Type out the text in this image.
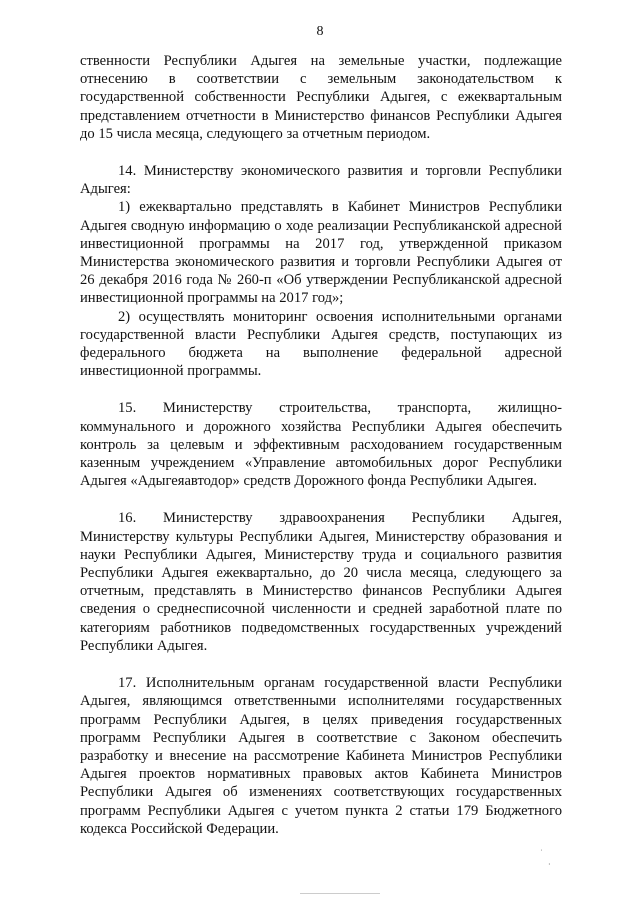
8

ственности Республики Адыгея на земельные участки, подлежащие отнесению в соответствии с земельным законодательством к государственной собственности Республики Адыгея, с ежеквартальным представлением отчетности в Министерство финансов Республики Адыгея до 15 числа месяца, следующего за отчетным периодом.

14. Министерству экономического развития и торговли Республики Адыгея:

1) ежеквартально представлять в Кабинет Министров Республики Адыгея сводную информацию о ходе реализации Республиканской адресной инвестиционной программы на 2017 год, утвержденной приказом Министерства экономического развития и торговли Республики Адыгея от 26 декабря 2016 года № 260-п «Об утверждении Республиканской адресной инвестиционной программы на 2017 год»;

2) осуществлять мониторинг освоения исполнительными органами государственной власти Республики Адыгея средств, поступающих из федерального бюджета на выполнение федеральной адресной инвестиционной программы.

15. Министерству строительства, транспорта, жилищно-коммунального и дорожного хозяйства Республики Адыгея обеспечить контроль за целевым и эффективным расходованием государственным казенным учреждением «Управление автомобильных дорог Республики Адыгея «Адыгеяавтодор» средств Дорожного фонда Республики Адыгея.

16. Министерству здравоохранения Республики Адыгея, Министерству культуры Республики Адыгея, Министерству образования и науки Республики Адыгея, Министерству труда и социального развития Республики Адыгея ежеквартально, до 20 числа месяца, следующего за отчетным, представлять в Министерство финансов Республики Адыгея сведения о среднесписочной численности и средней заработной плате по категориям работников подведомственных государственных учреждений Республики Адыгея.

17. Исполнительным органам государственной власти Республики Адыгея, являющимся ответственными исполнителями государственных программ Республики Адыгея, в целях приведения государственных программ Республики Адыгея в соответствие с Законом обеспечить разработку и внесение на рассмотрение Кабинета Министров Республики Адыгея проектов нормативных правовых актов Кабинета Министров Республики Адыгея об изменениях соответствующих государственных программ Республики Адыгея с учетом пункта 2 статьи 179 Бюджетного кодекса Российской Федерации.

˙
·
